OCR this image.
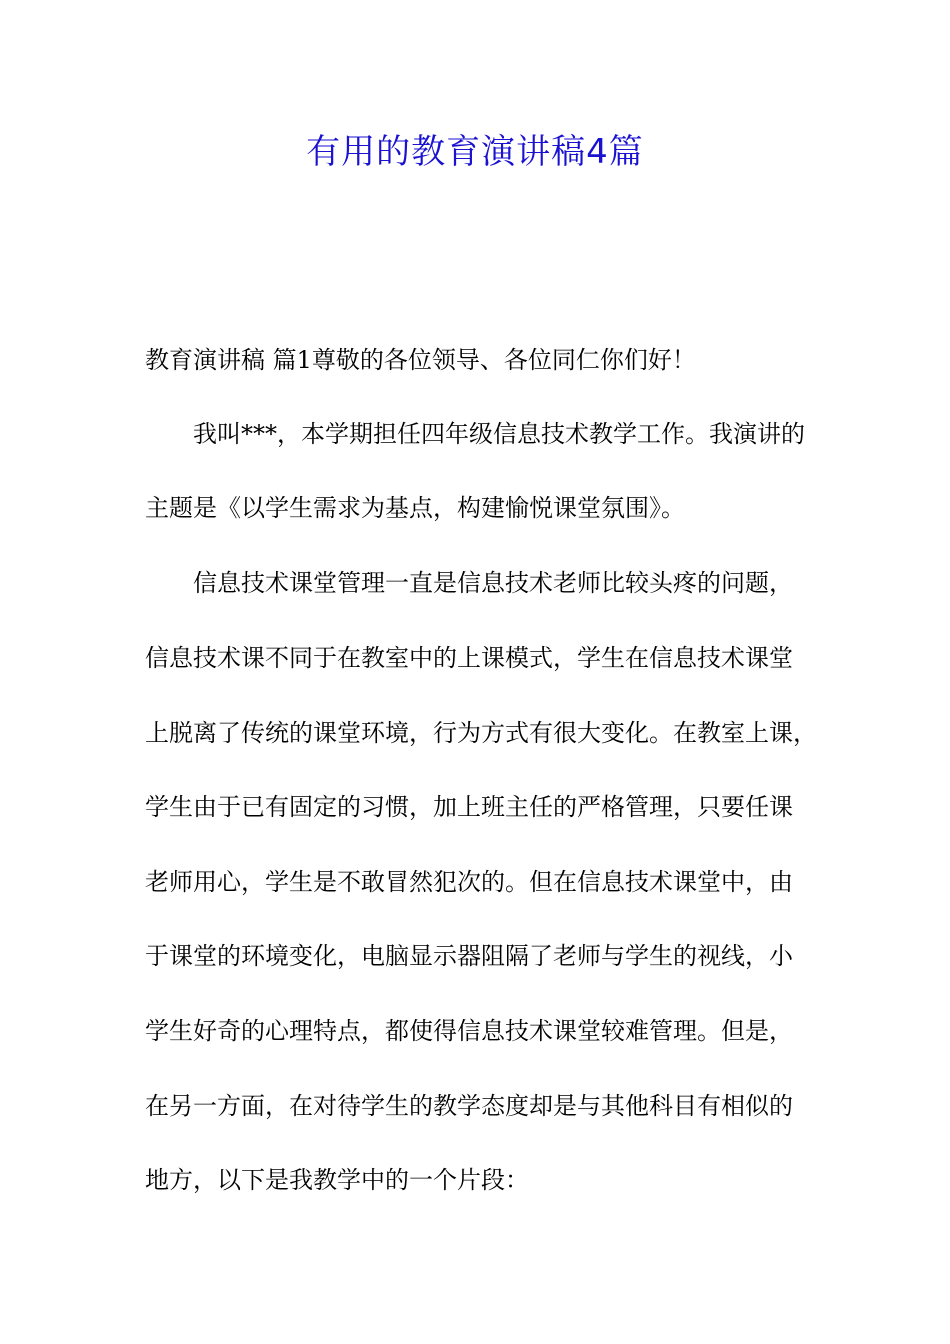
有用的教育演讲稿4篇

教育演讲稿 篇1尊敬的各位领导、各位同仁你们好！

我叫***，本学期担任四年级信息技术教学工作。我演讲的

主题是《以学生需求为基点，构建愉悦课堂氛围》。

信息技术课堂管理一直是信息技术老师比较头疼的问题，

信息技术课不同于在教室中的上课模式，学生在信息技术课堂

上脱离了传统的课堂环境，行为方式有很大变化。在教室上课，

学生由于已有固定的习惯，加上班主任的严格管理，只要任课

老师用心，学生是不敢冒然犯次的。但在信息技术课堂中，由

于课堂的环境变化，电脑显示器阻隔了老师与学生的视线，小

学生好奇的心理特点，都使得信息技术课堂较难管理。但是，

在另一方面，在对待学生的教学态度却是与其他科目有相似的

地方，以下是我教学中的一个片段：
